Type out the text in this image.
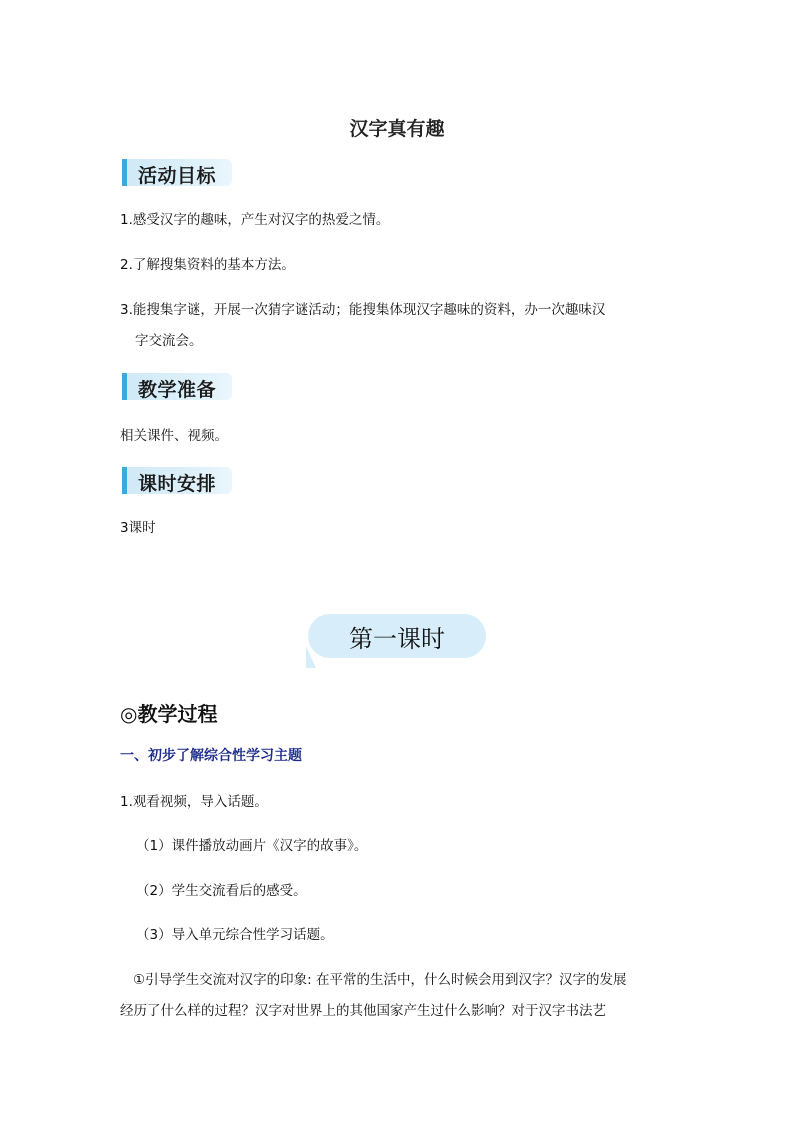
汉字真有趣
活动目标
1.感受汉字的趣味，产生对汉字的热爱之情。
2.了解搜集资料的基本方法。
3.能搜集字谜，开展一次猜字谜活动；能搜集体现汉字趣味的资料，办一次趣味汉
字交流会。
教学准备
相关课件、视频。
课时安排
3课时
第一课时
◎教学过程
一、初步了解综合性学习主题
1.观看视频，导入话题。
（1）课件播放动画片《汉字的故事》。
（2）学生交流看后的感受。
（3）导入单元综合性学习话题。
①引导学生交流对汉字的印象: 在平常的生活中，什么时候会用到汉字？汉字的发展
经历了什么样的过程？汉字对世界上的其他国家产生过什么影响？对于汉字书法艺
